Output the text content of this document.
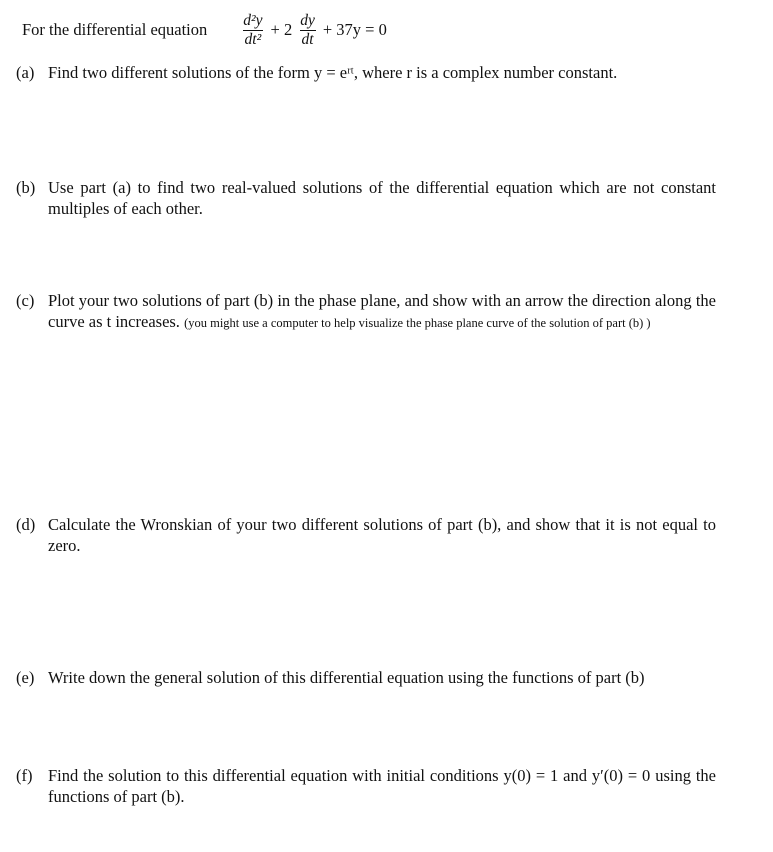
For the differential equation $\frac{\text{d²y}}{\text{dt²}} + 2 \frac{dy}{dt} + 37y = 0$
(a) Find two different solutions of the form y = eʳᵗ, where r is a complex number constant.
(b) Use part (a) to find two real-valued solutions of the differential equation which are not constant multiples of each other.
(c) Plot your two solutions of part (b) in the phase plane, and show with an arrow the direction along the curve as t increases. (you might use a computer to help visualize the phase plane curve of the solution of part (b) )
(d) Calculate the Wronskian of your two different solutions of part (b), and show that it is not equal to zero.
(e) Write down the general solution of this differential equation using the functions of part (b)
(f) Find the solution to this differential equation with initial conditions y(0) = 1 and y′(0) = 0 using the functions of part (b).
